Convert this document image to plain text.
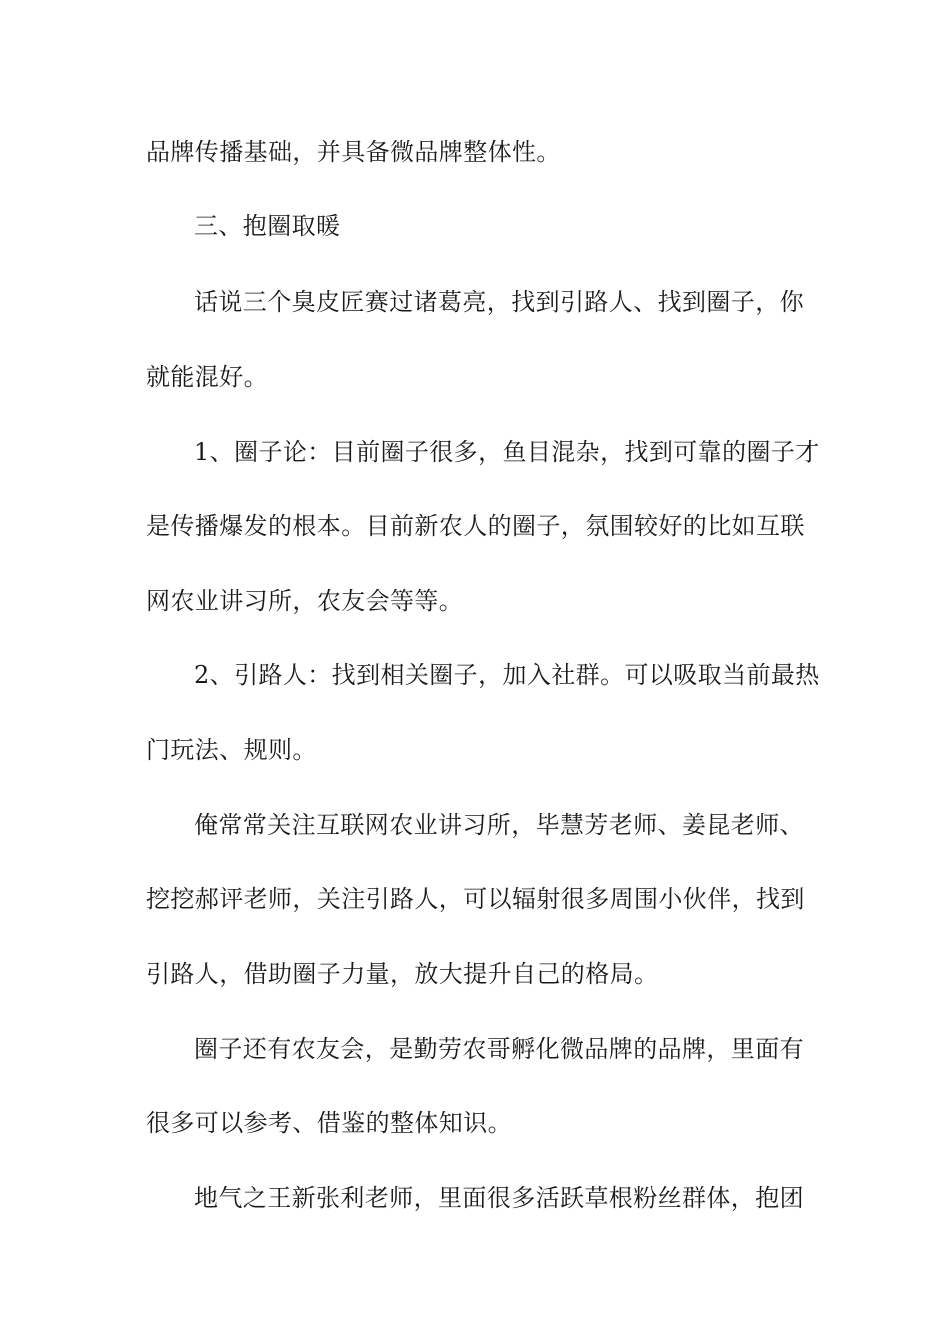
品牌传播基础，并具备微品牌整体性。
三、抱圈取暖
话说三个臭皮匠赛过诸葛亮，找到引路人、找到圈子，你
就能混好。
1、圈子论：目前圈子很多，鱼目混杂，找到可靠的圈子才
是传播爆发的根本。目前新农人的圈子，氛围较好的比如互联
网农业讲习所，农友会等等。
2、引路人：找到相关圈子，加入社群。可以吸取当前最热
门玩法、规则。
俺常常关注互联网农业讲习所，毕慧芳老师、姜昆老师、
挖挖郝评老师，关注引路人，可以辐射很多周围小伙伴，找到
引路人，借助圈子力量，放大提升自己的格局。
圈子还有农友会，是勤劳农哥孵化微品牌的品牌，里面有
很多可以参考、借鉴的整体知识。
地气之王新张利老师，里面很多活跃草根粉丝群体，抱团
